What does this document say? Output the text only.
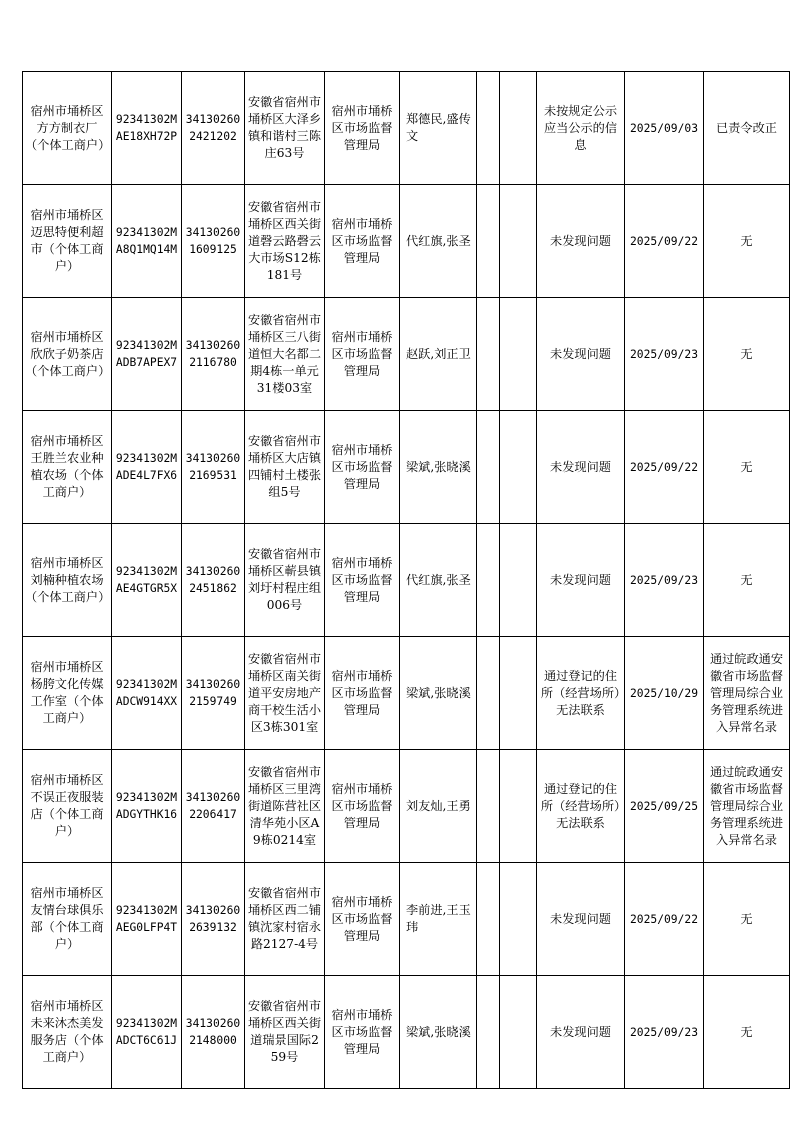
宿州市埇桥区方方制衣厂（个体工商户）	92341302MAE18XH72P	341302602421202	安徽省宿州市埇桥区大泽乡镇和谐村三陈庄63号	宿州市埇桥区市场监督管理局	郑德民,盛传文			未按规定公示应当公示的信息	2025/09/03	已责令改正
宿州市埇桥区迈思特便利超市（个体工商户）	92341302MA8Q1MQ14M	341302601609125	安徽省宿州市埇桥区西关街道磬云路磬云大市场S12栋181号	宿州市埇桥区市场监督管理局	代红旗,张圣			未发现问题	2025/09/22	无
宿州市埇桥区欣欣子奶茶店（个体工商户）	92341302MADB7APEX7	341302602116780	安徽省宿州市埇桥区三八街道恒大名都二期4栋一单元31楼03室	宿州市埇桥区市场监督管理局	赵跃,刘正卫			未发现问题	2025/09/23	无
宿州市埇桥区王胜兰农业种植农场（个体工商户）	92341302MADE4L7FX6	341302602169531	安徽省宿州市埇桥区大店镇四铺村土楼张组5号	宿州市埇桥区市场监督管理局	梁斌,张晓溪			未发现问题	2025/09/22	无
宿州市埇桥区刘楠种植农场（个体工商户）	92341302MAE4GTGR5X	341302602451862	安徽省宿州市埇桥区蕲县镇刘圩村程庄组006号	宿州市埇桥区市场监督管理局	代红旗,张圣			未发现问题	2025/09/23	无
宿州市埇桥区杨胯文化传媒工作室（个体工商户）	92341302MADCW914XX	341302602159749	安徽省宿州市埇桥区南关街道平安房地产商干校生活小区3栋301室	宿州市埇桥区市场监督管理局	梁斌,张晓溪			通过登记的住所（经营场所）无法联系	2025/10/29	通过皖政通安徽省市场监督管理局综合业务管理系统进入异常名录
宿州市埇桥区不误正夜服装店（个体工商户）	92341302MADGYTHK16	341302602206417	安徽省宿州市埇桥区三里湾街道陈营社区清华苑小区A9栋0214室	宿州市埇桥区市场监督管理局	刘友灿,王勇			通过登记的住所（经营场所）无法联系	2025/09/25	通过皖政通安徽省市场监督管理局综合业务管理系统进入异常名录
宿州市埇桥区友情台球俱乐部（个体工商户）	92341302MAEG0LFP4T	341302602639132	安徽省宿州市埇桥区西二铺镇沈家村宿永路2127-4号	宿州市埇桥区市场监督管理局	李前进,王玉玮			未发现问题	2025/09/22	无
宿州市埇桥区未来沐杰美发服务店（个体工商户）	92341302MADCT6C61J	341302602148000	安徽省宿州市埇桥区西关街道瑞景国际259号	宿州市埇桥区市场监督管理局	梁斌,张晓溪			未发现问题	2025/09/23	无
